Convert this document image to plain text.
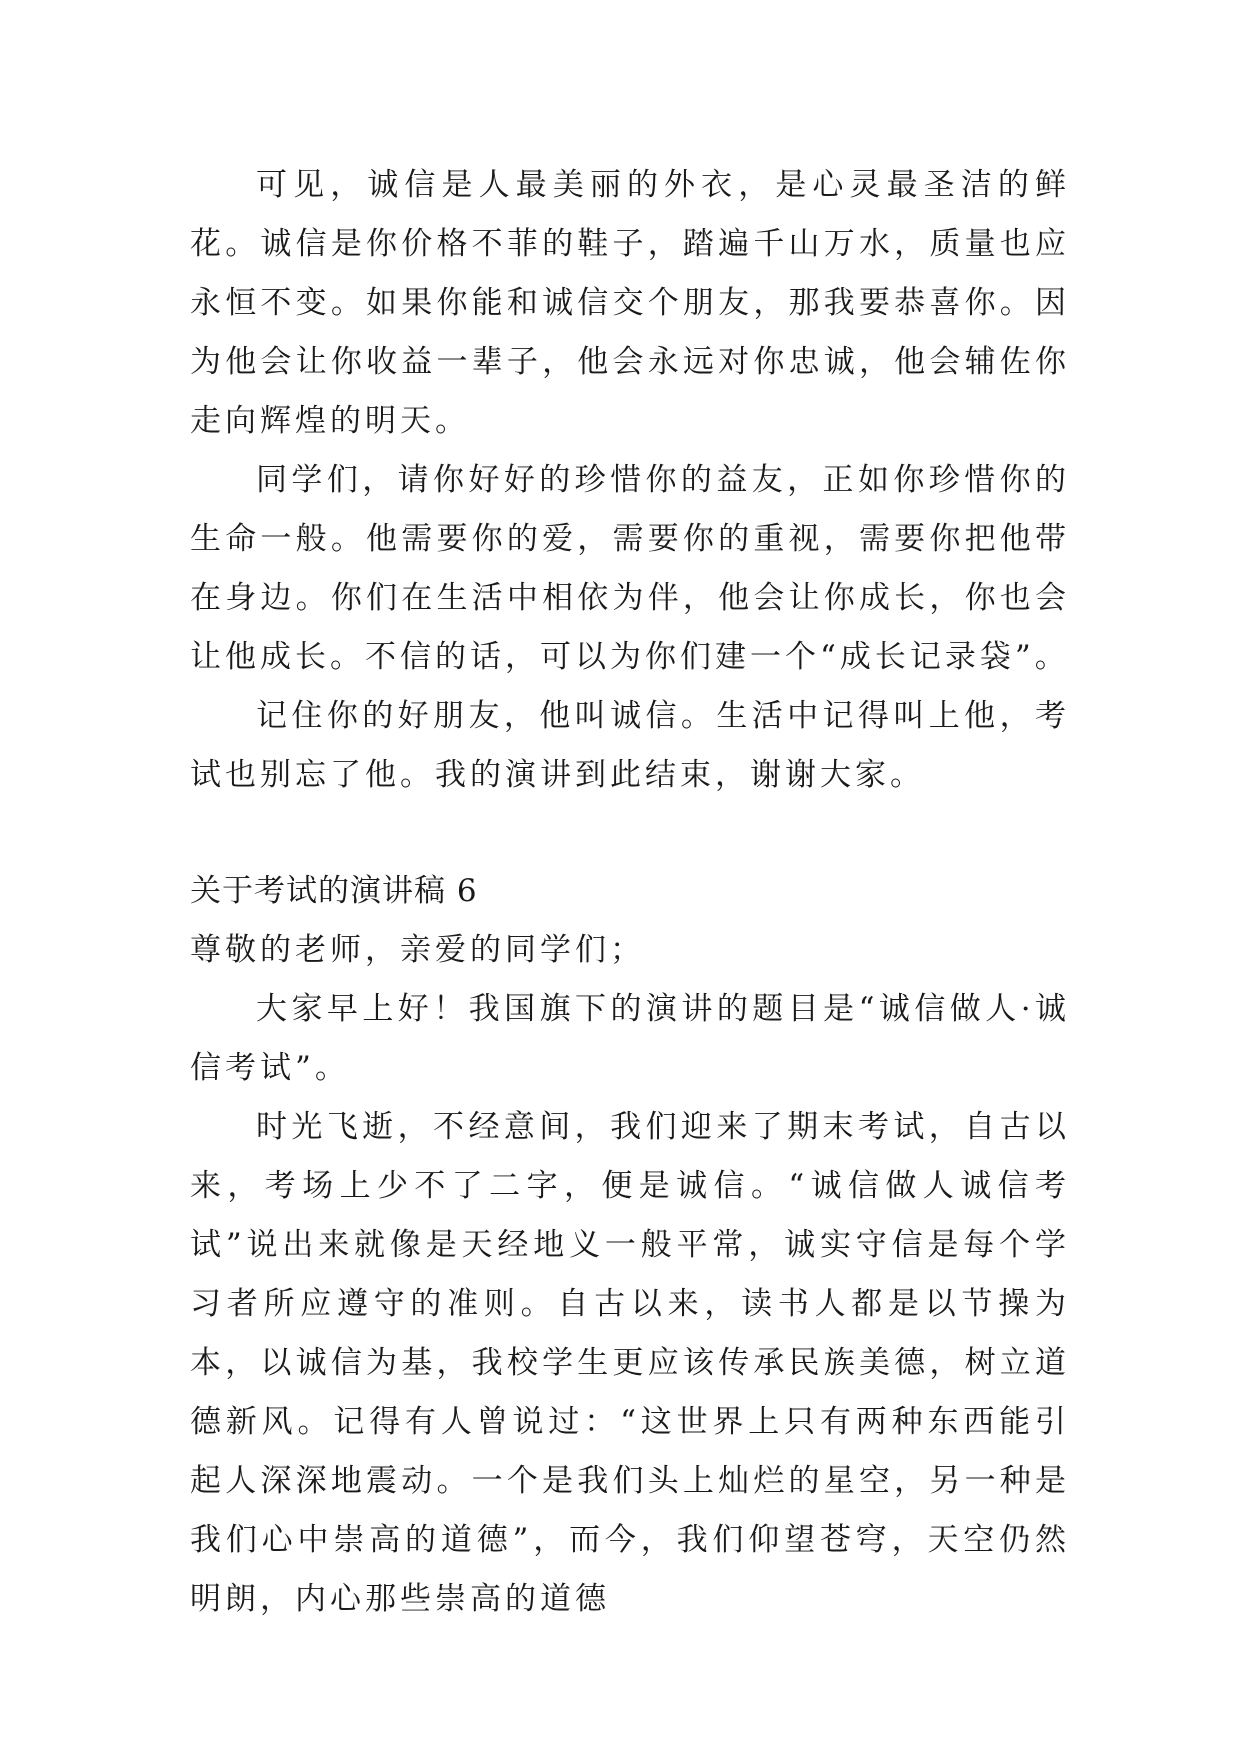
可见，诚信是人最美丽的外衣，是心灵最圣洁的鲜花。诚信是你价格不菲的鞋子，踏遍千山万水，质量也应永恒不变。如果你能和诚信交个朋友，那我要恭喜你。因为他会让你收益一辈子，他会永远对你忠诚，他会辅佐你走向辉煌的明天。

同学们，请你好好的珍惜你的益友，正如你珍惜你的生命一般。他需要你的爱，需要你的重视，需要你把他带在身边。你们在生活中相依为伴，他会让你成长，你也会让他成长。不信的话，可以为你们建一个“成长记录袋”。

记住你的好朋友，他叫诚信。生活中记得叫上他，考试也别忘了他。我的演讲到此结束，谢谢大家。

关于考试的演讲稿 6

尊敬的老师，亲爱的同学们；

大家早上好！我国旗下的演讲的题目是“诚信做人·诚信考试”。

时光飞逝，不经意间，我们迎来了期末考试，自古以来，考场上少不了二字，便是诚信。“诚信做人诚信考试”说出来就像是天经地义一般平常，诚实守信是每个学习者所应遵守的准则。自古以来，读书人都是以节操为本，以诚信为基，我校学生更应该传承民族美德，树立道德新风。记得有人曾说过：“这世界上只有两种东西能引起人深深地震动。一个是我们头上灿烂的星空，另一种是我们心中崇高的道德”，而今，我们仰望苍穹，天空仍然明朗，内心那些崇高的道德
